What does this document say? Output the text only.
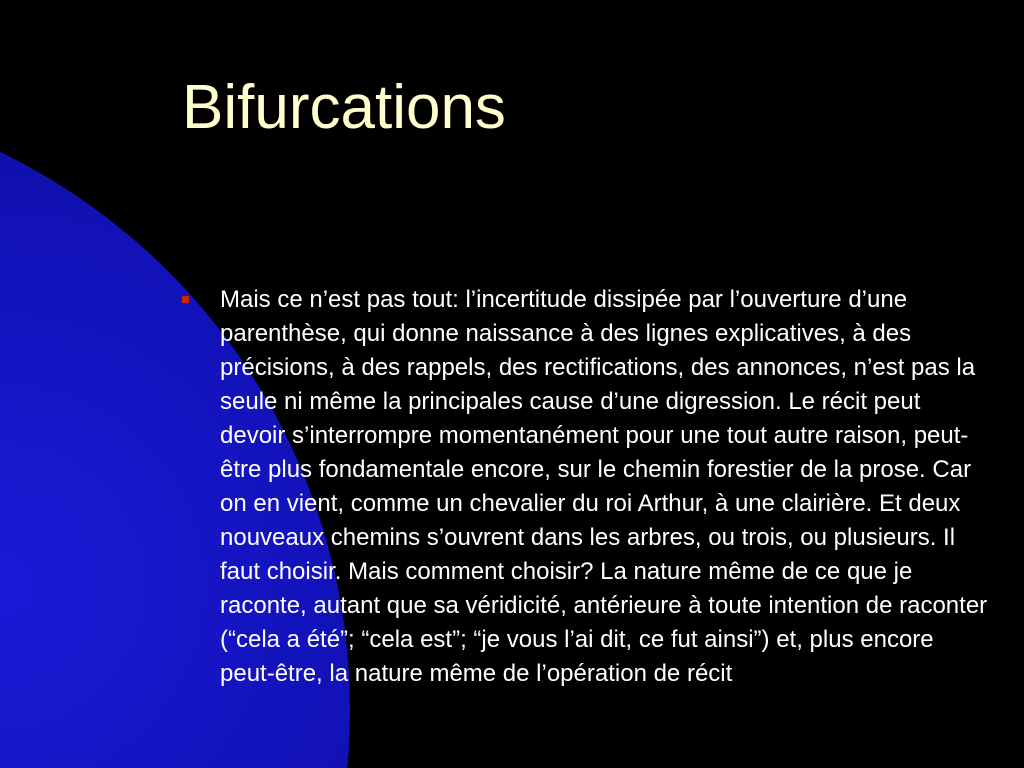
Bifurcations

Mais ce n’est pas tout: l’incertitude dissipée par l’ouverture d’une parenthèse, qui donne naissance à des lignes explicatives, à des précisions, à des rappels, des rectifications, des annonces, n’est pas la seule ni même la principales cause d’une digression. Le récit peut devoir s’interrompre momentanément pour une tout autre raison, peut-être plus fondamentale encore, sur le chemin forestier de la prose. Car on en vient, comme un chevalier du roi Arthur, à une clairière. Et deux nouveaux chemins s’ouvrent dans les arbres, ou trois, ou plusieurs. Il faut choisir. Mais comment choisir? La nature même de ce que je raconte, autant que sa véridicité, antérieure à toute intention de raconter (“cela a été”; “cela est”; “je vous l’ai dit, ce fut ainsi”) et, plus encore peut-être, la nature même de l’opération de récit
